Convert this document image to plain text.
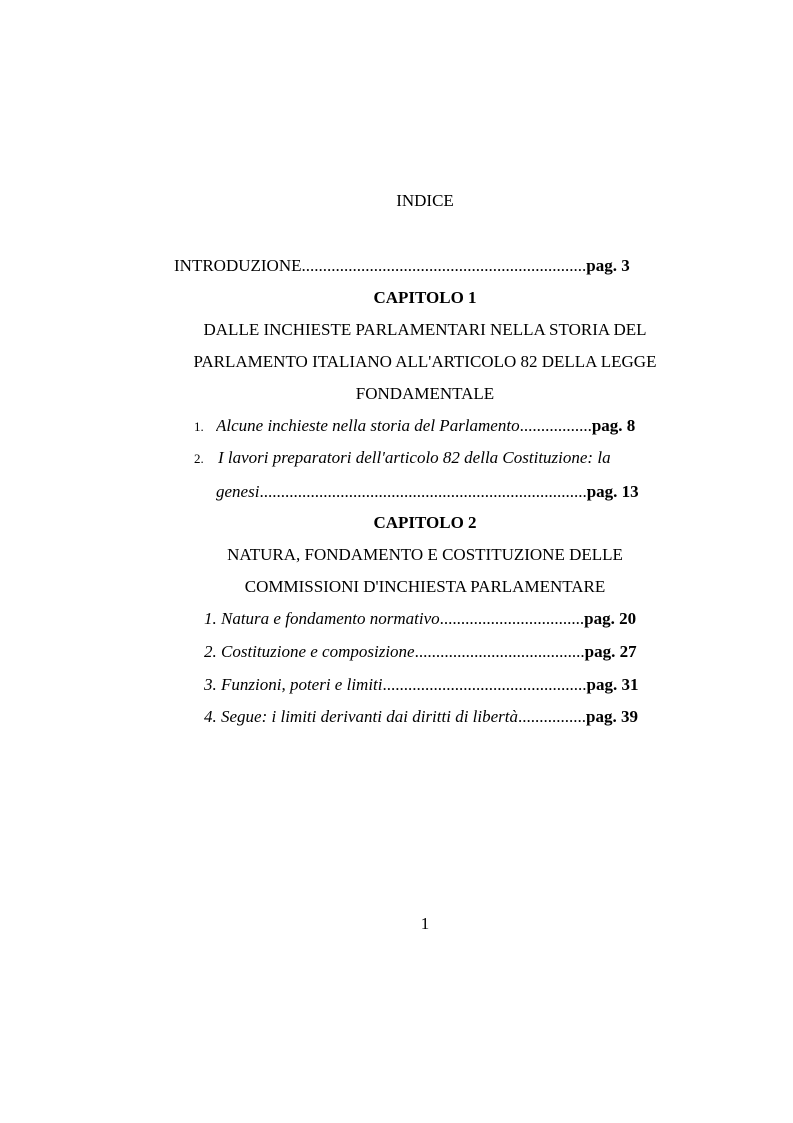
INDICE
INTRODUZIONE...................................................................pag. 3
CAPITOLO 1
DALLE INCHIESTE PARLAMENTARI NELLA STORIA DEL
PARLAMENTO ITALIANO ALL'ARTICOLO 82 DELLA LEGGE
FONDAMENTALE
1. Alcune inchieste nella storia del Parlamento.................pag. 8
2. I lavori preparatori dell'articolo 82 della Costituzione: la
genesi.............................................................................pag. 13
CAPITOLO 2
NATURA, FONDAMENTO E COSTITUZIONE DELLE
COMMISSIONI D'INCHIESTA PARLAMENTARE
1. Natura e fondamento normativo..................................pag. 20
2. Costituzione e composizione........................................pag. 27
3. Funzioni, poteri e limiti................................................pag. 31
4. Segue: i limiti derivanti dai diritti di libertà................pag. 39
1
